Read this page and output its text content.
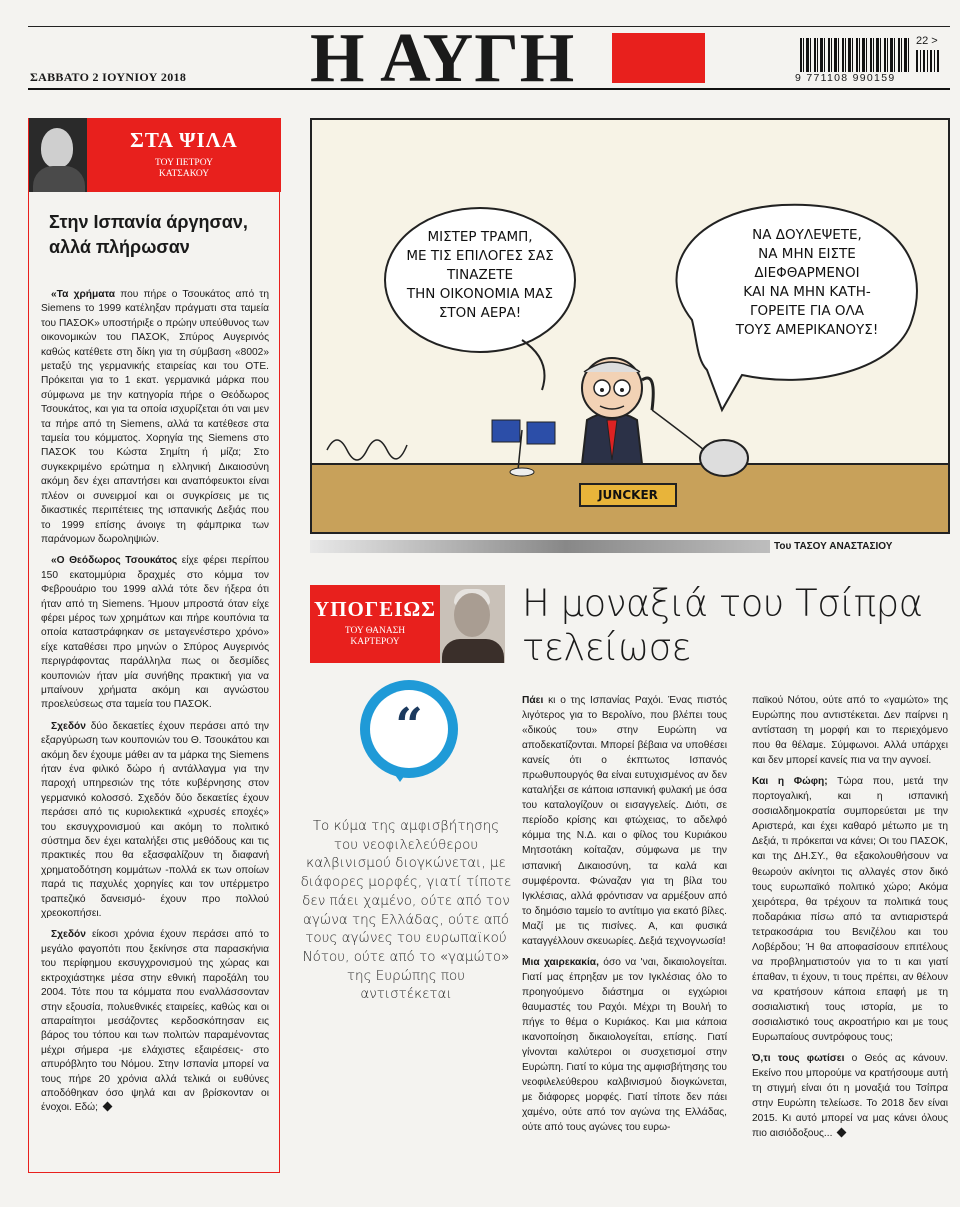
ΣΑΒΒΑΤΟ 2 ΙΟΥΝΙΟΥ 2018 Η ΑΥΓΗ	9 771108 990159
22 >
ΣΤΑ ΨΙΛΑ
ΤΟΥ ΠΕΤΡΟΥ
ΚΑΤΣΑΚΟΥ
Στην Ισπανία άργησαν, αλλά πλήρωσαν

«Τα χρήματα που πήρε ο Τσουκάτος από τη Siemens το 1999 κατέληξαν πράγματι στα ταμεία του ΠΑΣΟΚ» υποστήριξε ο πρώην υπεύθυνος των οικονομικών του ΠΑΣΟΚ, Σπύρος Αυγερινός καθώς κατέθετε στη δίκη για τη σύμβαση «8002» μεταξύ της γερμανικής εταιρείας και του ΟΤΕ. Πρόκειται για το 1 εκατ. γερμανικά μάρκα που σύμφωνα με την κατηγορία πήρε ο Θεόδωρος Τσουκάτος, και για τα οποία ισχυρίζεται ότι ναι μεν τα πήρε από τη Siemens, αλλά τα κατέθεσε στα ταμεία του κόμματος. Χορηγία της Siemens στο ΠΑΣΟΚ του Κώστα Σημίτη ή μίζα; Στο συγκεκριμένο ερώτημα η ελληνική Δικαιοσύνη ακόμη δεν έχει απαντήσει και αναπόφευκτοι είναι πλέον οι συνειρμοί και οι συγκρίσεις με τις δικαστικές περιπέτειες της ισπανικής Δεξιάς που το 1999 επίσης άνοιγε τη φάμπρικα των παράνομων δωροληψιών.

«Ο Θεόδωρος Τσουκάτος είχε φέρει περίπου 150 εκατομμύρια δραχμές στο κόμμα τον Φεβρουάριο του 1999 αλλά τότε δεν ήξερα ότι ήταν από τη Siemens. Ήμουν μπροστά όταν είχε φέρει μέρος των χρημάτων και πήρε κουπόνια τα οποία καταστράφηκαν σε μεταγενέστερο χρόνο» είχε καταθέσει προ μηνών ο Σπύρος Αυγερινός περιγράφοντας παράλληλα πως οι δεσμίδες κουπονιών ήταν μία συνήθης πρακτική για να μπαίνουν χρήματα ακόμη και αγνώστου προελεύσεως στα ταμεία του ΠΑΣΟΚ.

Σχεδόν δύο δεκαετίες έχουν περάσει από την εξαργύρωση των κουπονιών του Θ. Τσουκάτου και ακόμη δεν έχουμε μάθει αν τα μάρκα της Siemens ήταν ένα φιλικό δώρο ή αντάλλαγμα για την παροχή υπηρεσιών της τότε κυβέρνησης στον γερμανικό κολοσσό. Σχεδόν δύο δεκαετίες έχουν περάσει από τις κυριολεκτικά «χρυσές εποχές» του εκσυγχρονισμού και ακόμη το πολιτικό σύστημα δεν έχει καταλήξει στις μεθόδους και τις πρακτικές που θα εξασφαλίζουν τη διαφανή χρηματοδότηση κομμάτων -πολλά εκ των οποίων παρά τις παχυλές χορηγίες και τον υπέρμετρο τραπεζικό δανεισμό- έχουν προ πολλού χρεοκοπήσει.

Σχεδόν είκοσι χρόνια έχουν περάσει από το μεγάλο φαγοπότι που ξεκίνησε στα παρασκήνια του περίφημου εκσυγχρονισμού της χώρας και εκτροχιάστηκε μέσα στην εθνική παροξάλη του 2004. Τότε που τα κόμματα που εναλλάσσονταν στην εξουσία, πολυεθνικές εταιρείες, καθώς και οι απαραίτητοι μεσάζοντες κερδοσκόπησαν εις βάρος του τόπου και των πολιτών παραμένοντας μέχρι σήμερα -με ελάχιστες εξαιρέσεις- στο απυρόβλητο του Νόμου. Στην Ισπανία μπορεί να τους πήρε 20 χρόνια αλλά τελικά οι ευθύνες αποδόθηκαν όσο ψηλά και αν βρίσκονταν οι ένοχοι. Εδώ;

ΜΙΣΤΕΡ ΤΡΑΜΠ,
ΜΕ ΤΙΣ ΕΠΙΛΟΓΕΣ ΣΑΣ
ΤΙΝΑΖΕΤΕ
ΤΗΝ ΟΙΚΟΝΟΜΙΑ ΜΑΣ
ΣΤΟΝ ΑΕΡΑ!
ΝΑ ΔΟΥΛΕΨΕΤΕ,
ΝΑ ΜΗΝ ΕΙΣΤΕ
ΔΙΕΦΘΑΡΜΕΝΟΙ
ΚΑΙ ΝΑ ΜΗΝ ΚΑΤΗ-
ΓΟΡΕΙΤΕ ΓΙΑ ΟΛΑ
ΤΟΥΣ ΑΜΕΡΙΚΑΝΟΥΣ!
JUNCKER
Του ΤΑΣΟΥ ΑΝΑΣΤΑΣΙΟΥ
ΥΠΟΓΕΙΩΣ
ΤΟΥ ΘΑΝΑΣΗ
ΚΑΡΤΕΡΟΥ
Η μοναξιά του Τσίπρα τελείωσε
“
Το κύμα της αμφισβήτησης του νεοφιλελεύθερου καλβινισμού διογκώνεται, με διάφορες μορφές, γιατί τίποτε δεν πάει χαμένο, ούτε από τον αγώνα της Ελλάδας, ούτε από τους αγώνες του ευρωπαϊκού Νότου, ούτε από το «γαμώτο» της Ευρώπης που αντιστέκεται

Πάει κι ο της Ισπανίας Ραχόι. Ένας πιστός λιγότερος για το Βερολίνο, που βλέπει τους «δικούς του» στην Ευρώπη να αποδεκατίζονται. Μπορεί βέβαια να υποθέσει κανείς ότι ο έκπτωτος Ισπανός πρωθυπουργός θα είναι ευτυχισμένος αν δεν καταλήξει σε κάποια ισπανική φυλακή με όσα του καταλογίζουν οι εισαγγελείς. Διότι, σε περίοδο κρίσης και φτώχειας, το αδελφό κόμμα της Ν.Δ. και ο φίλος του Κυριάκου Μητσοτάκη κοίταζαν, σύμφωνα με την ισπανική Δικαιοσύνη, τα καλά και συμφέροντα. Φώναζαν για τη βίλα του Ιγκλέσιας, αλλά φρόντισαν να αρμέξουν από το δημόσιο ταμείο το αντίτιμο για εκατό βίλες. Μαζί με τις πισίνες. Α, και φυσικά καταγγέλλουν σκευωρίες. Δεξιά τεχνογνωσία!

Μια χαιρεκακία, όσο να 'ναι, δικαιολογείται. Γιατί μας έπρηξαν με τον Ιγκλέσιας όλο το προηγούμενο διάστημα οι εγχώριοι θαυμαστές του Ραχόι. Μέχρι τη Βουλή το πήγε το θέμα ο Κυριάκος. Και μια κάποια ικανοποίηση δικαιολογείται, επίσης. Γιατί γίνονται καλύτεροι οι συσχετισμοί στην Ευρώπη. Γιατί το κύμα της αμφισβήτησης του νεοφιλελεύθερου καλβινισμού διογκώνεται, με διάφορες μορφές. Γιατί τίποτε δεν πάει χαμένο, ούτε από τον αγώνα της Ελλάδας, ούτε από τους αγώνες του ευρω-

παϊκού Νότου, ούτε από το «γαμώτο» της Ευρώπης που αντιστέκεται. Δεν παίρνει η αντίσταση τη μορφή και το περιεχόμενο που θα θέλαμε. Σύμφωνοι. Αλλά υπάρχει και δεν μπορεί κανείς πια να την αγνοεί.

Και η Φώφη; Τώρα που, μετά την πορτογαλική, και η ισπανική σοσιαλδημοκρατία συμπορεύεται με την Αριστερά, και έχει καθαρό μέτωπο με τη Δεξιά, τι πρόκειται να κάνει; Οι του ΠΑΣΟΚ, και της ΔΗ.ΣΥ., θα εξακολουθήσουν να θεωρούν ακίνητοι τις αλλαγές στον δικό τους ευρωπαϊκό πολιτικό χώρο; Ακόμα χειρότερα, θα τρέχουν τα πολιτικά τους ποδαράκια πίσω από τα αντιαριστερά τετρακοσάρια του Βενιζέλου και του Λοβέρδου; Ή θα αποφασίσουν επιτέλους να προβληματιστούν για το τι και γιατί έπαθαν, τι έχουν, τι τους πρέπει, αν θέλουν να κρατήσουν κάποια επαφή με τη σοσιαλιστική τους ιστορία, με το σοσιαλιστικό τους ακροατήριο και με τους Ευρωπαίους συντρόφους τους;

Ό,τι τους φωτίσει ο Θεός ας κάνουν. Εκείνο που μπορούμε να κρατήσουμε αυτή τη στιγμή είναι ότι η μοναξιά του Τσίπρα στην Ευρώπη τελείωσε. Το 2018 δεν είναι 2015. Κι αυτό μπορεί να μας κάνει όλους πιο αισιόδοξους...
